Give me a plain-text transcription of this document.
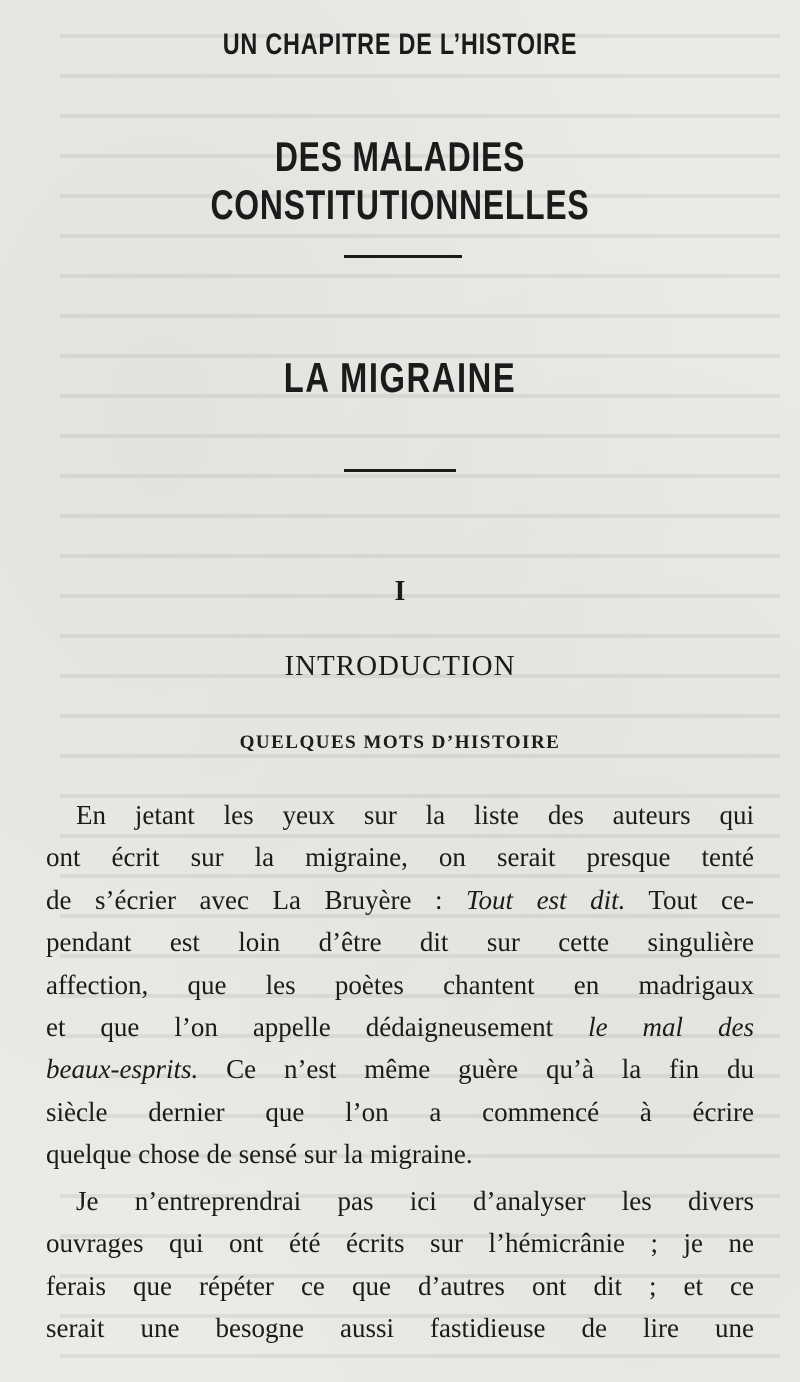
UN CHAPITRE DE L’HISTOIRE
DES MALADIES CONSTITUTIONNELLES
LA MIGRAINE
I
INTRODUCTION
QUELQUES MOTS D’HISTOIRE
En jetant les yeux sur la liste des auteurs qui
ont écrit sur la migraine, on serait presque tenté
de s’écrier avec La Bruyère : Tout est dit. Tout ce-
pendant est loin d’être dit sur cette singulière
affection, que les poètes chantent en madrigaux
et que l’on appelle dédaigneusement le mal des
beaux-esprits. Ce n’est même guère qu’à la fin du
siècle dernier que l’on a commencé à écrire
quelque chose de sensé sur la migraine.
Je n’entreprendrai pas ici d’analyser les divers
ouvrages qui ont été écrits sur l’hémicrânie ; je ne
ferais que répéter ce que d’autres ont dit ; et ce
serait une besogne aussi fastidieuse de lire une
